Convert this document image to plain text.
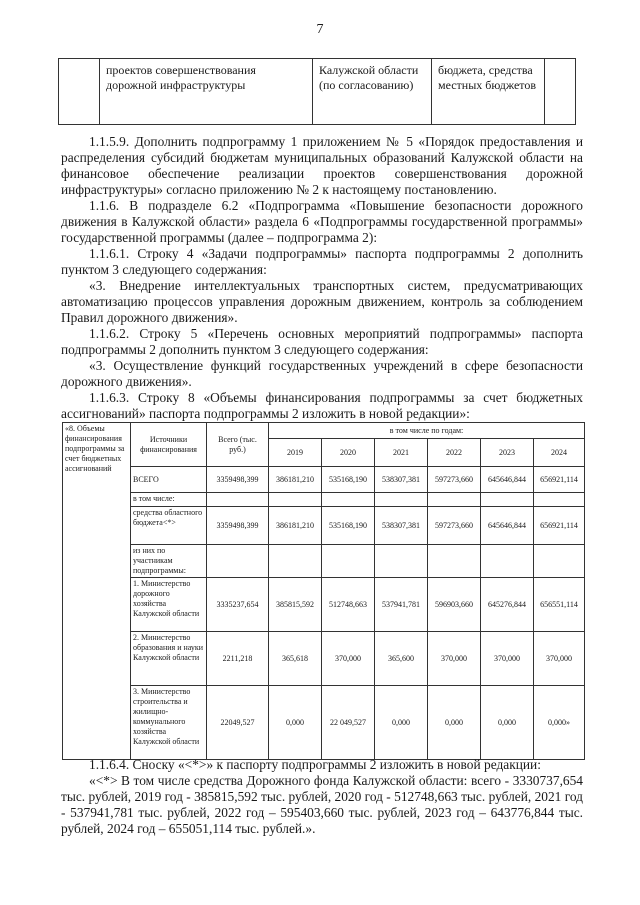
7
	проектов совершенствования дорожной инфраструктуры	Калужской области (по согласованию)	бюджета, средства местных бюджетов	

1.1.5.9. Дополнить подпрограмму 1 приложением № 5 «Порядок предоставления и распределения субсидий бюджетам муниципальных образований Калужской области на финансовое обеспечение реализации проектов совершенствования дорожной инфраструктуры» согласно приложению № 2 к настоящему постановлению.

1.1.6. В подразделе 6.2 «Подпрограмма «Повышение безопасности дорожного движения в Калужской области» раздела 6 «Подпрограммы государственной программы» государственной программы (далее – подпрограмма 2):

1.1.6.1. Строку 4 «Задачи подпрограммы» паспорта подпрограммы 2 дополнить пунктом 3 следующего содержания:

«3. Внедрение интеллектуальных транспортных систем, предусматривающих автоматизацию процессов управления дорожным движением, контроль за соблюдением Правил дорожного движения».

1.1.6.2. Строку 5 «Перечень основных мероприятий подпрограммы» паспорта подпрограммы 2 дополнить пунктом 3 следующего содержания:

«3. Осуществление функций государственных учреждений в сфере безопасности дорожного движения».

1.1.6.3. Строку 8 «Объемы финансирования подпрограммы за счет бюджетных ассигнований» паспорта подпрограммы 2 изложить в новой редакции»:

«8. Объемы финансирования подпрограммы за счет бюджетных ассигнований	Источники финансирования	Всего (тыс. руб.)	в том числе по годам:					
			2019	2020	2021	2022	2023	2024
	ВСЕГО	3359498,399	386181,210	535168,190	538307,381	597273,660	645646,844	656921,114
	в том числе:							
	средства областного бюджета<*>	3359498,399	386181,210	535168,190	538307,381	597273,660	645646,844	656921,114
	из них по участникам подпрограммы:							
	1. Министерство дорожного хозяйства Калужской области	3335237,654	385815,592	512748,663	537941,781	596903,660	645276,844	656551,114
	2. Министерство образования и науки Калужской области	2211,218	365,618	370,000	365,600	370,000	370,000	370,000
	3. Министерство строительства и жилищно-коммунального хозяйства Калужской области	22049,527	0,000	22 049,527	0,000	0,000	0,000	0,000»

1.1.6.4. Сноску «<*>» к паспорту подпрограммы 2 изложить в новой редакции:

«<*> В том числе средства Дорожного фонда Калужской области: всего - 3330737,654 тыс. рублей, 2019 год - 385815,592 тыс. рублей, 2020 год - 512748,663 тыс. рублей, 2021 год - 537941,781 тыс. рублей, 2022 год – 595403,660 тыс. рублей, 2023 год – 643776,844 тыс. рублей, 2024 год – 655051,114 тыс. рублей.».
